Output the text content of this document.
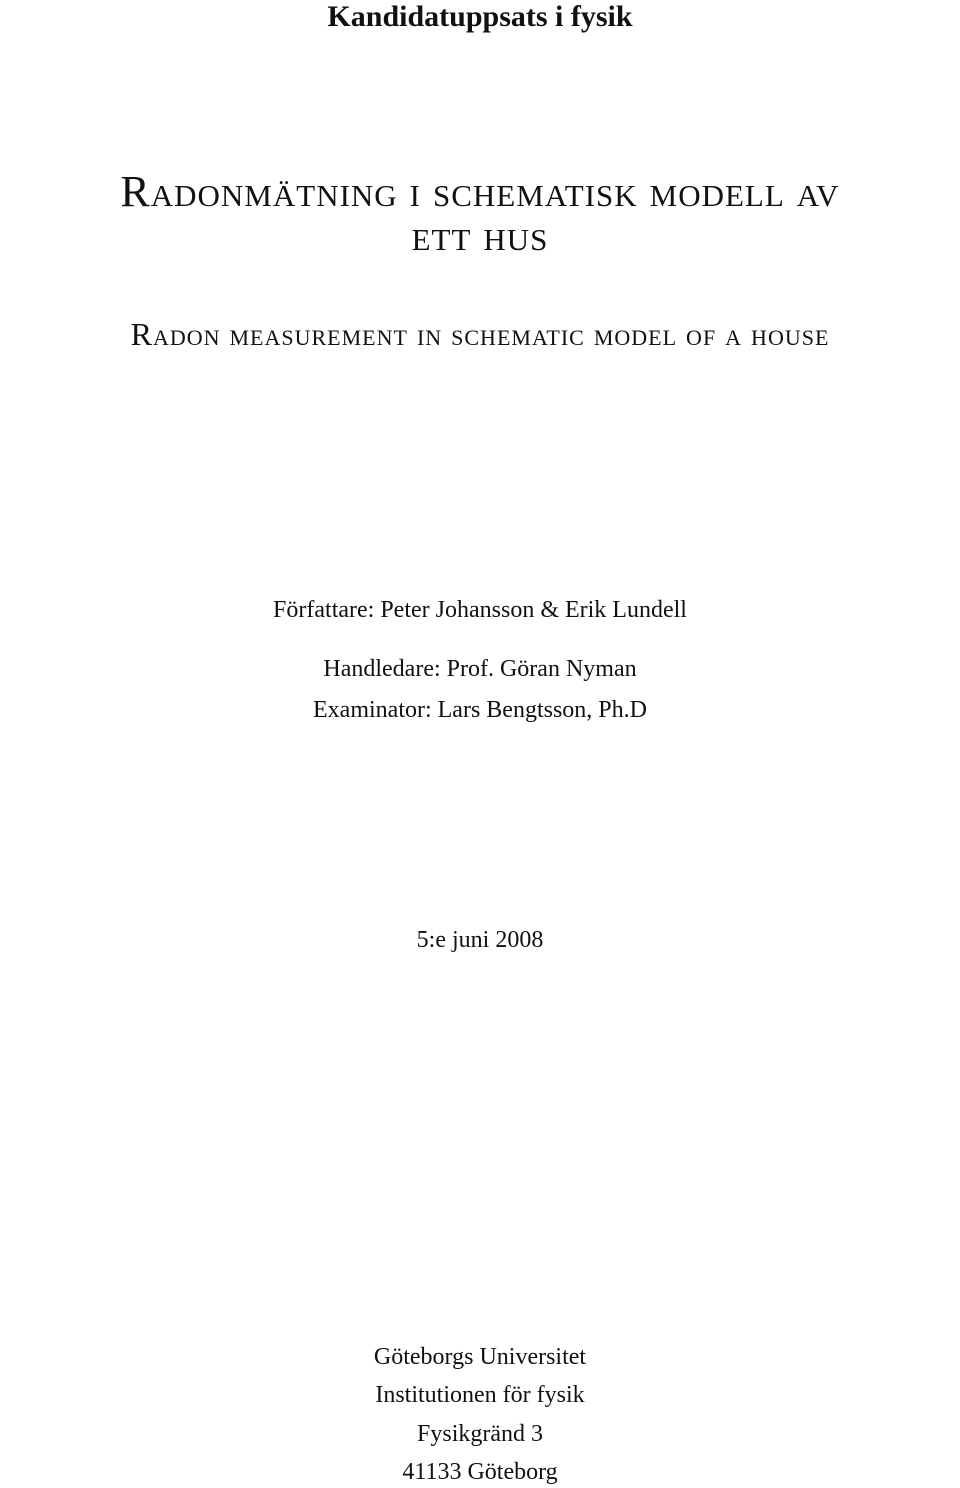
Kandidatuppsats i fysik
Radonmätning i schematisk modell av
ett hus
Radon measurement in schematic model of a house
Författare: Peter Johansson & Erik Lundell
Handledare: Prof. Göran Nyman
Examinator: Lars Bengtsson, Ph.D
5:e juni 2008
Göteborgs Universitet
Institutionen för fysik
Fysikgränd 3
41133 Göteborg
